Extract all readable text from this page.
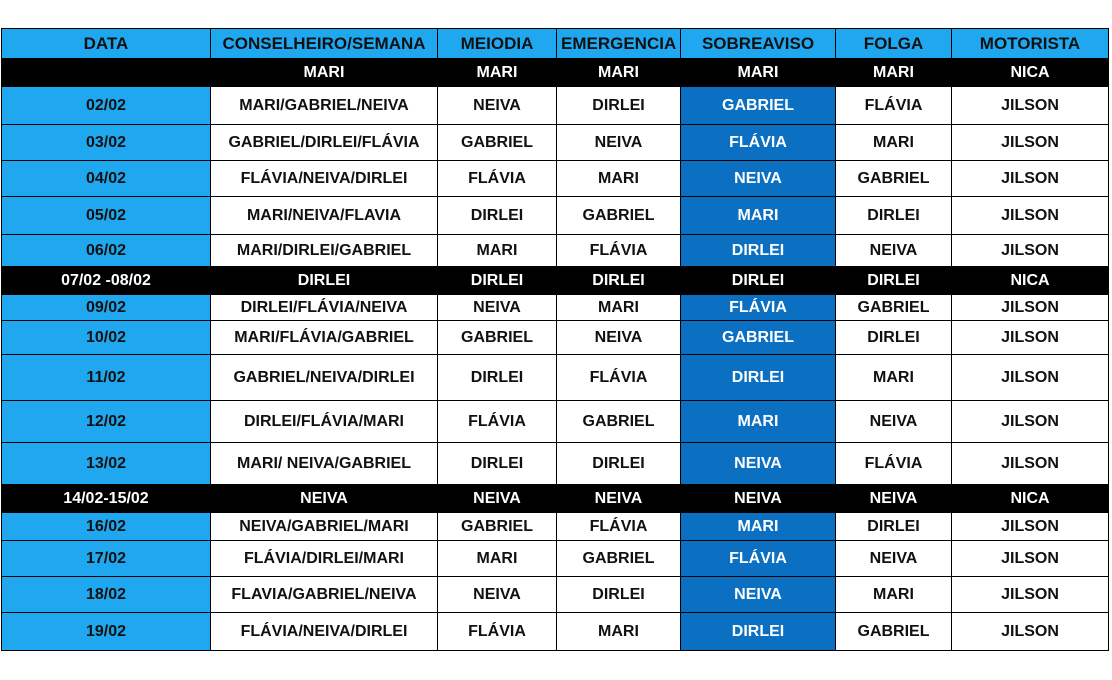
DATA	CONSELHEIRO/SEMANA	MEIODIA	EMERGENCIA	SOBREAVISO	FOLGA	MOTORISTA
	MARI	MARI	MARI	MARI	MARI	NICA
02/02	MARI/GABRIEL/NEIVA	NEIVA	DIRLEI	GABRIEL	FLÁVIA	JILSON
03/02	GABRIEL/DIRLEI/FLÁVIA	GABRIEL	NEIVA	FLÁVIA	MARI	JILSON
04/02	FLÁVIA/NEIVA/DIRLEI	FLÁVIA	MARI	NEIVA	GABRIEL	JILSON
05/02	MARI/NEIVA/FLAVIA	DIRLEI	GABRIEL	MARI	DIRLEI	JILSON
06/02	MARI/DIRLEI/GABRIEL	MARI	FLÁVIA	DIRLEI	NEIVA	JILSON
07/02 -08/02	DIRLEI	DIRLEI	DIRLEI	DIRLEI	DIRLEI	NICA
09/02	DIRLEI/FLÁVIA/NEIVA	NEIVA	MARI	FLÁVIA	GABRIEL	JILSON
10/02	MARI/FLÁVIA/GABRIEL	GABRIEL	NEIVA	GABRIEL	DIRLEI	JILSON
11/02	GABRIEL/NEIVA/DIRLEI	DIRLEI	FLÁVIA	DIRLEI	MARI	JILSON
12/02	DIRLEI/FLÁVIA/MARI	FLÁVIA	GABRIEL	MARI	NEIVA	JILSON
13/02	MARI/ NEIVA/GABRIEL	DIRLEI	DIRLEI	NEIVA	FLÁVIA	JILSON
14/02-15/02	NEIVA	NEIVA	NEIVA	NEIVA	NEIVA	NICA
16/02	NEIVA/GABRIEL/MARI	GABRIEL	FLÁVIA	MARI	DIRLEI	JILSON
17/02	FLÁVIA/DIRLEI/MARI	MARI	GABRIEL	FLÁVIA	NEIVA	JILSON
18/02	FLAVIA/GABRIEL/NEIVA	NEIVA	DIRLEI	NEIVA	MARI	JILSON
19/02	FLÁVIA/NEIVA/DIRLEI	FLÁVIA	MARI	DIRLEI	GABRIEL	JILSON
